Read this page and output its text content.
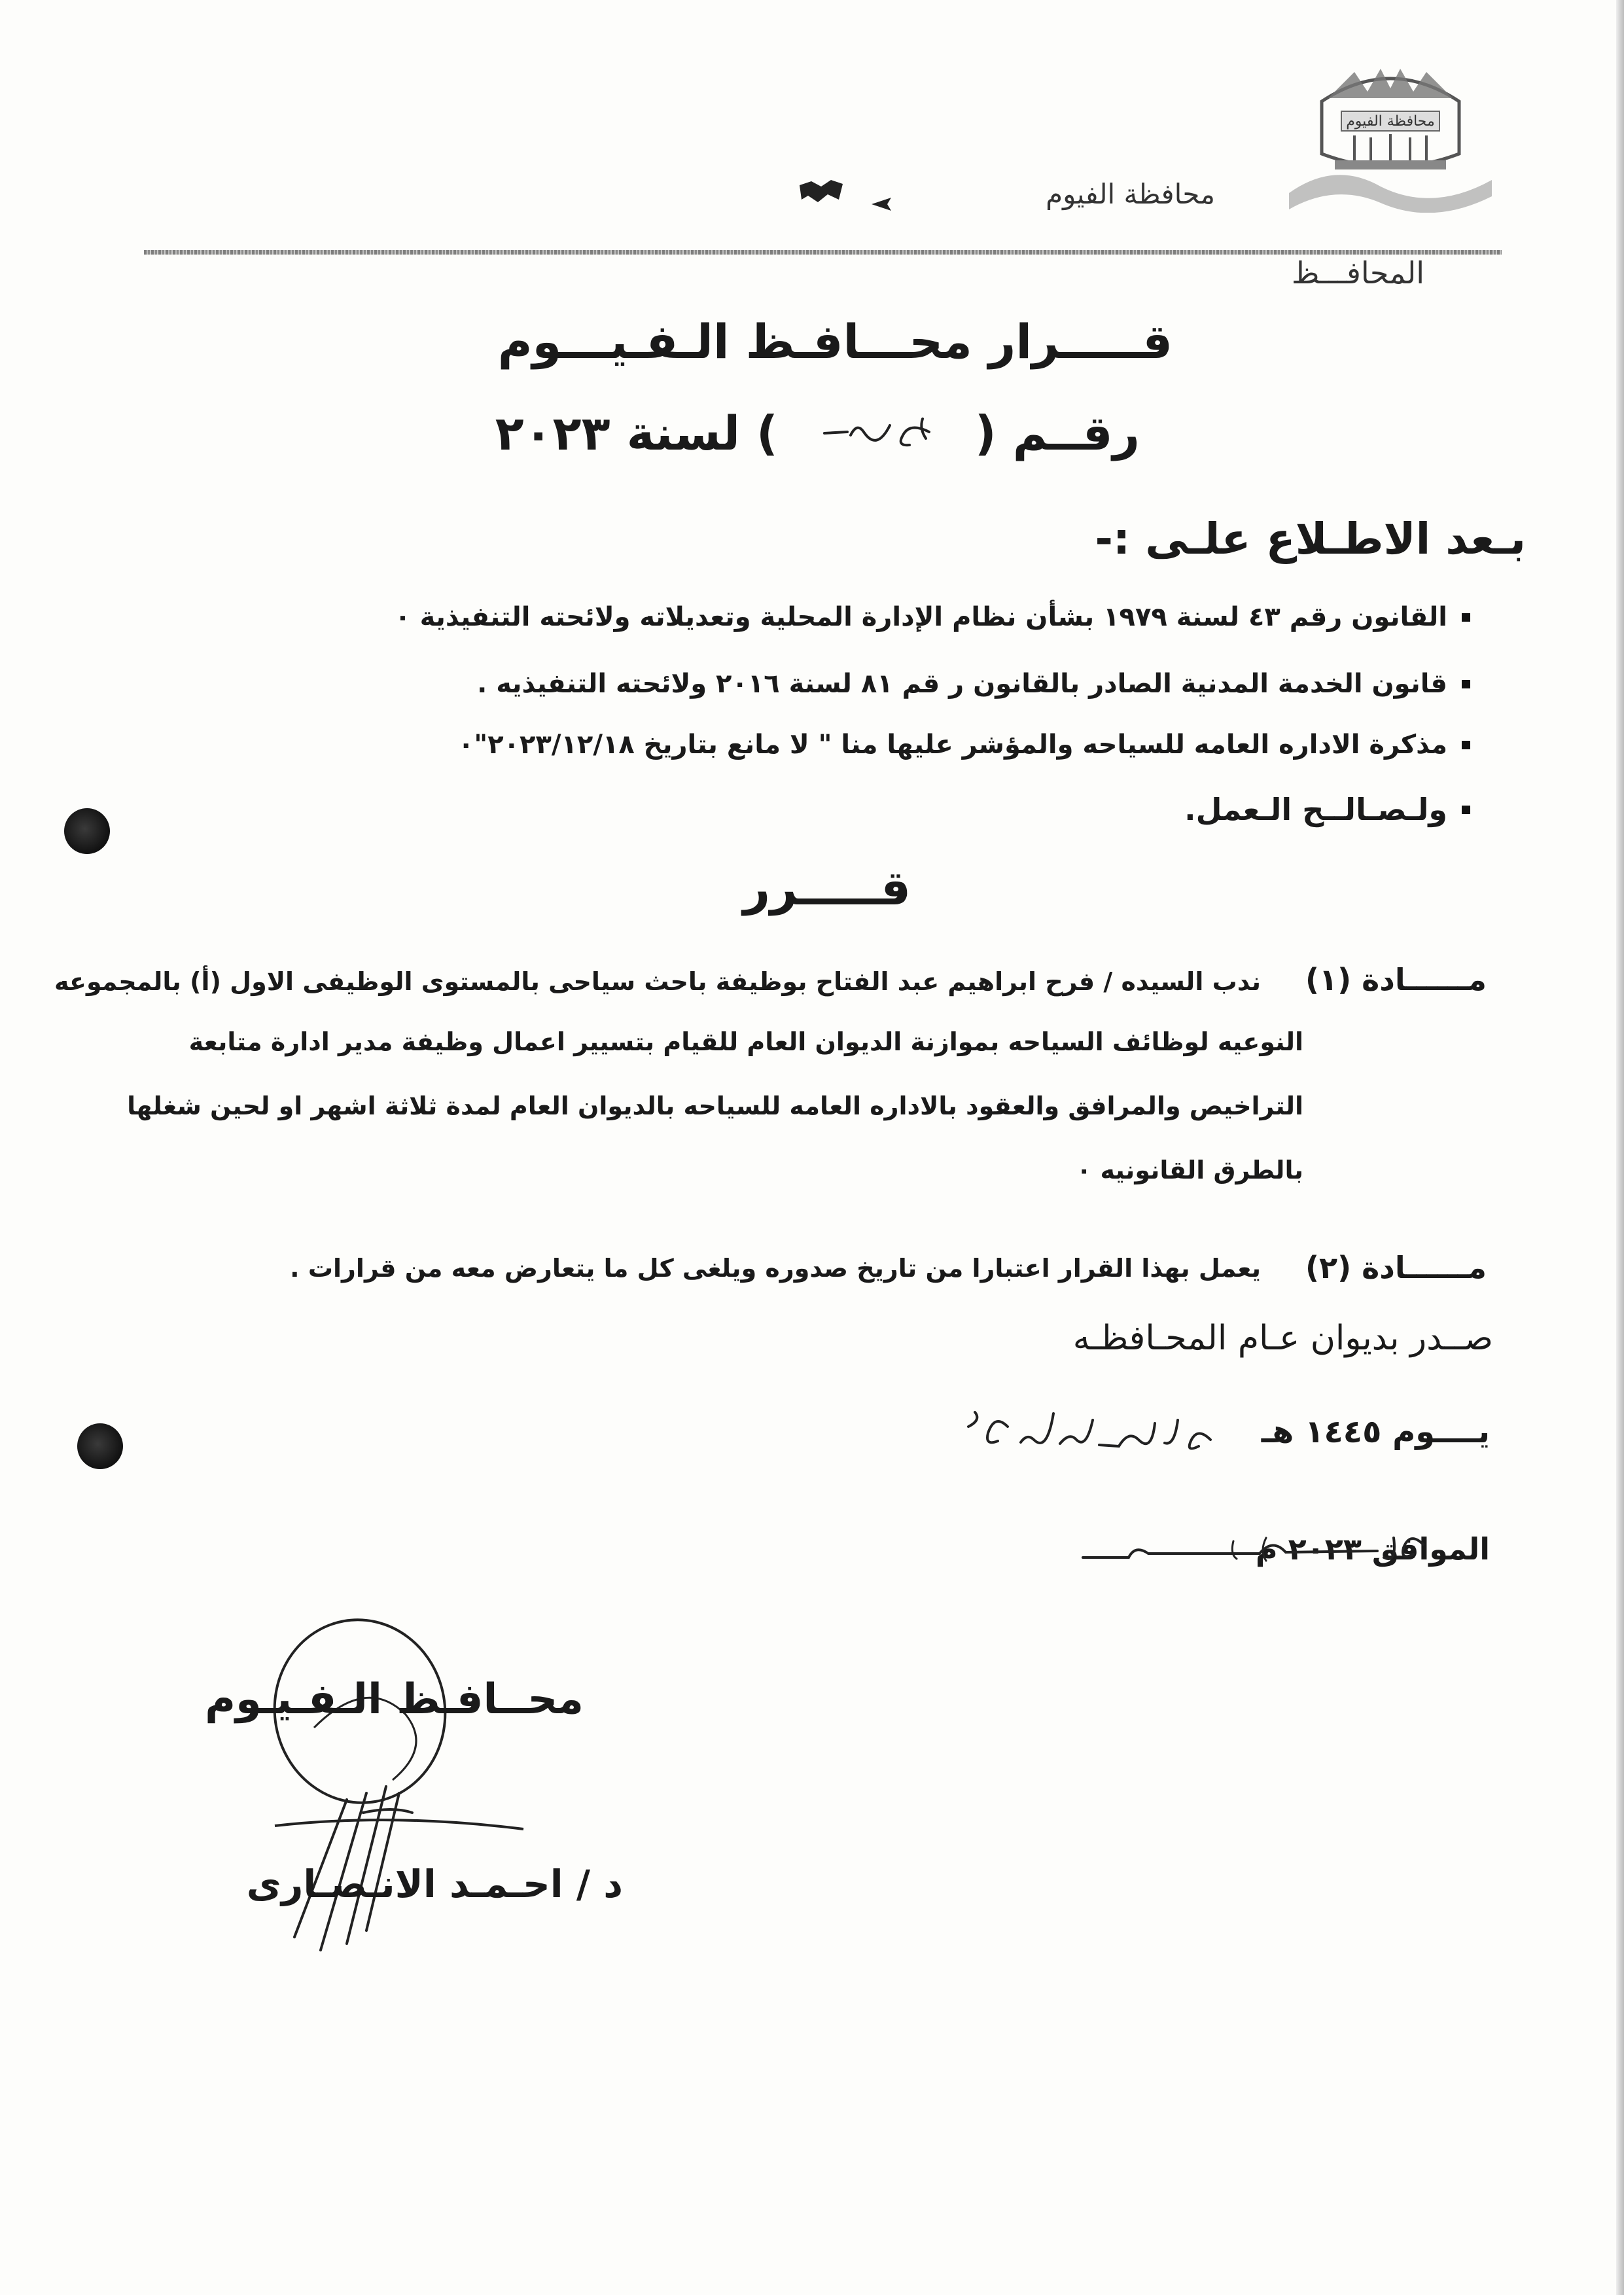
محافظة الفيوم
محافظة الفيوم
المحافـــظ
قـــــرار محـــافـظ الـفـيـــوم
رقــم (            ) لسنة ٢٠٢٣
بـعد الاطـلاع علـى :-
القانون رقم ٤٣ لسنة ١٩٧٩ بشأن نظام الإدارة المحلية وتعديلاته ولائحته التنفيذية ٠
قانون الخدمة المدنية الصادر بالقانون ر قم ٨١ لسنة ٢٠١٦ ولائحته التنفيذيه .
مذكرة الاداره العامه للسياحه والمؤشر عليها منا " لا مانع بتاريخ ٢٠٢٣/١٢/١٨"٠
ولـصـالــح الـعمل.
قـــــرر
مــــــادة (١)
ندب السيده / فرح ابراهيم عبد الفتاح بوظيفة باحث سياحى بالمستوى الوظيفى الاول (أ) بالمجموعه
النوعيه لوظائف السياحه بموازنة الديوان العام للقيام بتسيير اعمال وظيفة مدير ادارة متابعة
التراخيص والمرافق والعقود بالاداره العامه للسياحه بالديوان العام لمدة ثلاثة اشهر او لحين شغلها
بالطرق القانونيه ٠
مــــــادة (٢)
يعمل بهذا القرار اعتبارا من تاريخ صدوره ويلغى كل ما يتعارض معه من قرارات .
صــدر بديوان عـام المحـافظـه
يــــوم ١٤٤٥ هـ
الموافق ٢٠٢٣ م
محــافـظ الـفـيـوم
د / احـمـد الانـصـارى
